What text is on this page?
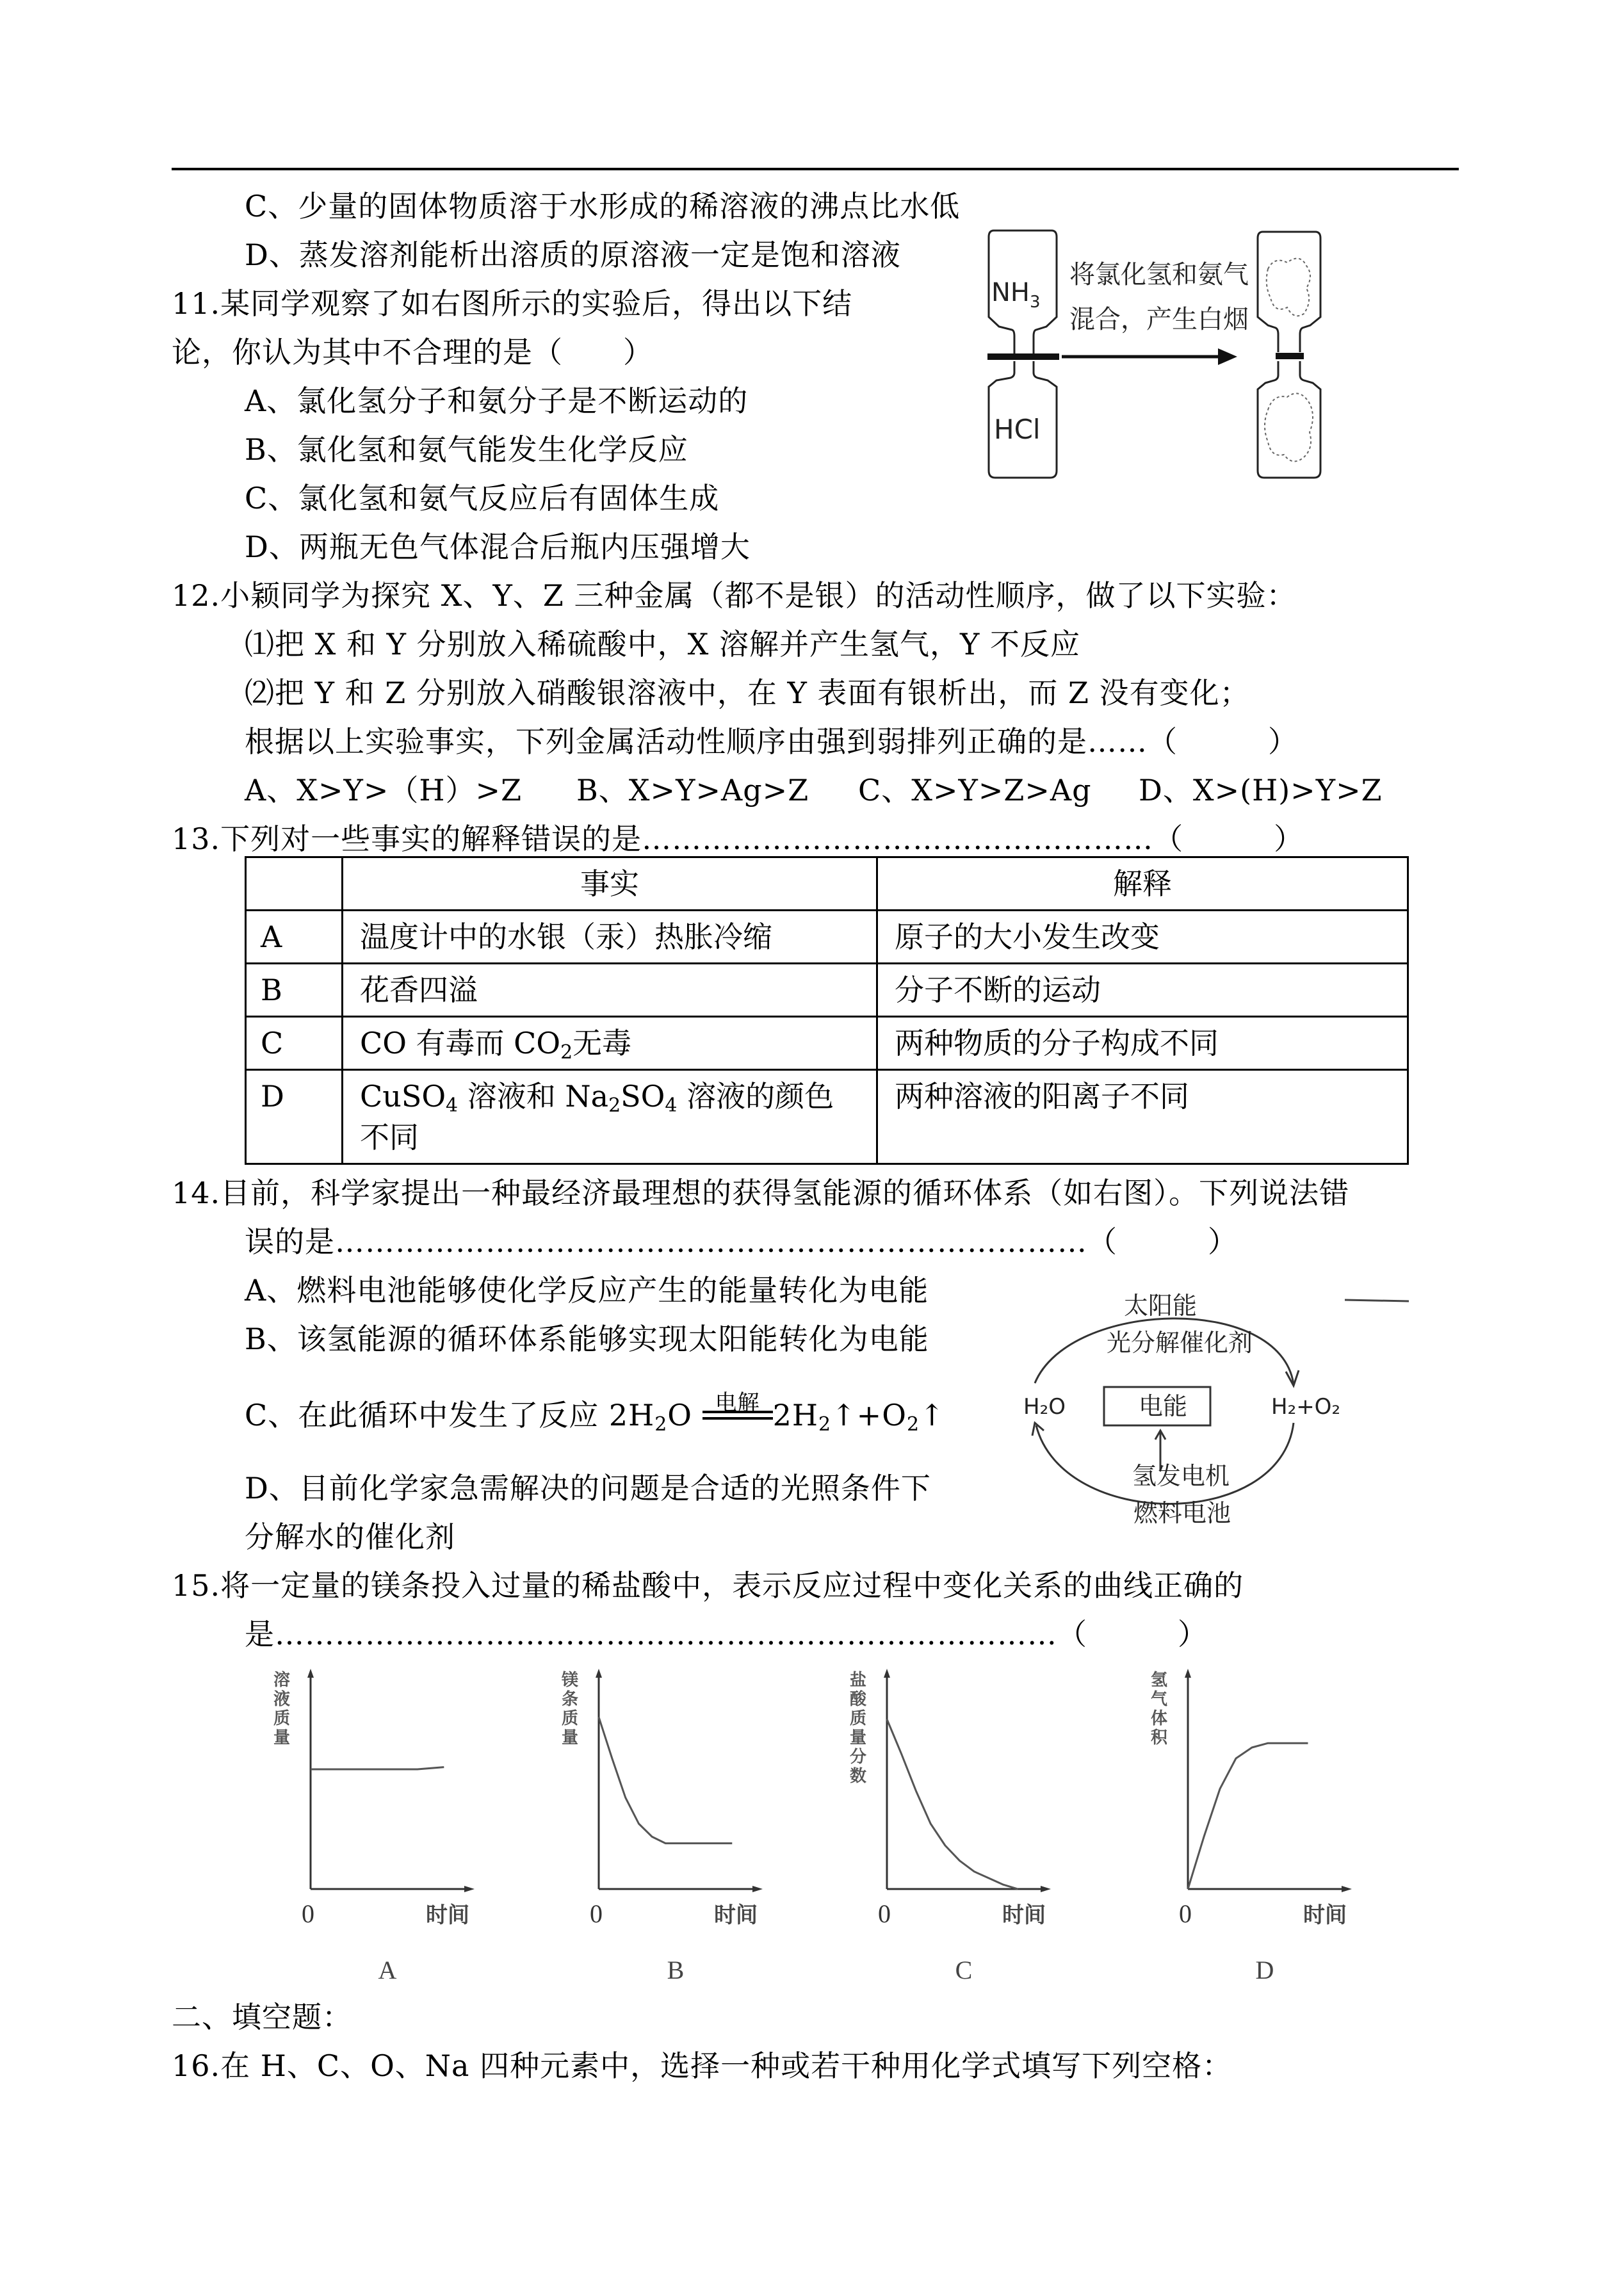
C、少量的固体物质溶于水形成的稀溶液的沸点比水低
D、蒸发溶剂能析出溶质的原溶液一定是饱和溶液
11.某同学观察了如右图所示的实验后，得出以下结
论，你认为其中不合理的是（　　）
A、氯化氢分子和氨分子是不断运动的
B、氯化氢和氨气能发生化学反应
C、氯化氢和氨气反应后有固体生成
D、两瓶无色气体混合后瓶内压强增大
$NH_3$
HCl
将氯化氢和氨气
混合，产生白烟
12.小颖同学为探究 X、Y、Z 三种金属（都不是银）的活动性顺序，做了以下实验：
⑴把 X 和 Y 分别放入稀硫酸中，X 溶解并产生氢气，Y 不反应
⑵把 Y 和 Z 分别放入硝酸银溶液中，在 Y 表面有银析出，而 Z 没有变化；
根据以上实验事实，下列金属活动性顺序由强到弱排列正确的是……（　　　）
A、X>Y>（H）>Z B、X>Y>Ag>Z C、X>Y>Z>Ag D、X>(H)>Y>Z
13.下列对一些事实的解释错误的是……………………………………………（　　　）
	事实	解释
A	温度计中的水银（汞）热胀冷缩	原子的大小发生改变
B	花香四溢	分子不断的运动
C	CO 有毒而 $CO_2$无毒	两种物质的分子构成不同
D	CuSO$_4$ 溶液和 $Na_2SO_4$ 溶液的颜色
不同	两种溶液的阳离子不同
14.目前，科学家提出一种最经济最理想的获得氢能源的循环体系（如右图）。下列说法错
误的是…………………………………………………………………（　　　）
A、燃料电池能够使化学反应产生的能量转化为电能
B、该氢能源的循环体系能够实现太阳能转化为电能
C、在此循环中发生了反应 $2H_2O$	电解 $2H_2↑+O_2↑$
D、目前化学家急需解决的问题是合适的光照条件下
分解水的催化剂
太阳能
光分解催化剂
H₂O	H₂+O₂
电能
氢发电机
燃料电池
15.将一定量的镁条投入过量的稀盐酸中，表示反应过程中变化关系的曲线正确的
是……………………………………………………………………（　　　）
0	时间
溶
液
质
量
A
0	时间
镁
条
质
量
B
0	时间
盐
酸
质
量
分
数
C
0	时间
氢
气
体
积
D
二、填空题：
16.在 H、C、O、Na 四种元素中，选择一种或若干种用化学式填写下列空格：
